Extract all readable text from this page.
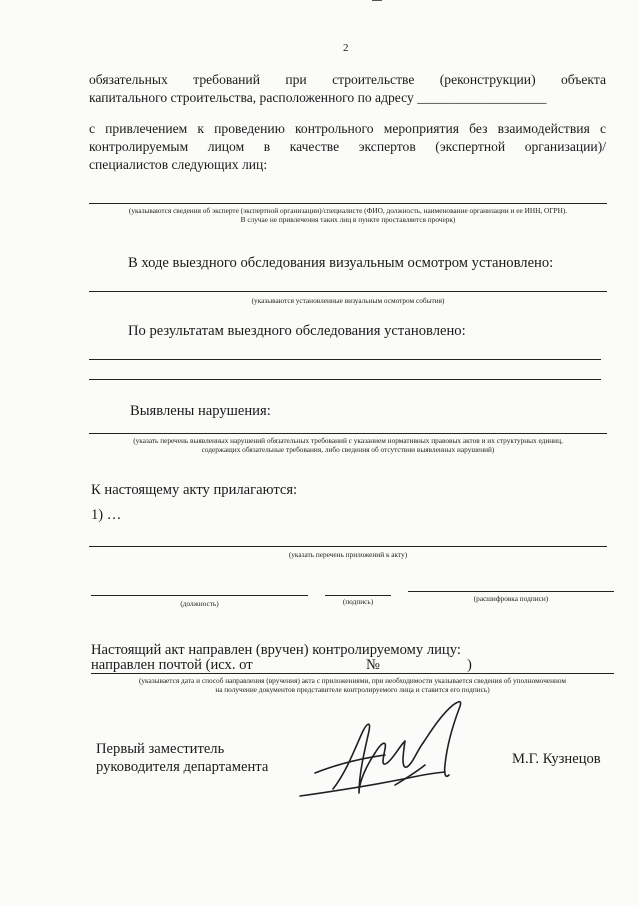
2
обязательных требований при строительстве (реконструкции) объекта
капитального строительства, расположенного по адресу ___________________
с привлечением к проведению контрольного мероприятия без взаимодействия с
контролируемым лицом в качестве экспертов (экспертной организации)/
специалистов следующих лиц:
(указываются сведения об эксперте (экспертной организации)/специалисте (ФИО, должность, наименование организации и ее ИНН, ОГРН).
В случае не привлечения таких лиц в пункте проставляется прочерк)
В ходе выездного обследования визуальным осмотром установлено:
(указываются установленные визуальным осмотром события)
По результатам выездного обследования установлено:
Выявлены нарушения:
(указать перечень выявленных нарушений обязательных требований с указанием нормативных правовых актов и их структурных единиц,
содержащих обязательные требования, либо сведения об отсутствии выявленных нарушений)
К настоящему акту прилагаются:
1) …
(указать перечень приложений к акту)
(должность)	(подпись)	(расшифровка подписи)
Настоящий акт направлен (вручен) контролируемому лицу:
направлен почтой (исх. от	№	)
(указывается дата и способ направления (вручения) акта с приложениями, при необходимости указывается сведения об уполномоченном
на получение документов представителе контролируемого лица и ставится его подпись)
Первый заместитель
руководителя департамента	М.Г. Кузнецов
